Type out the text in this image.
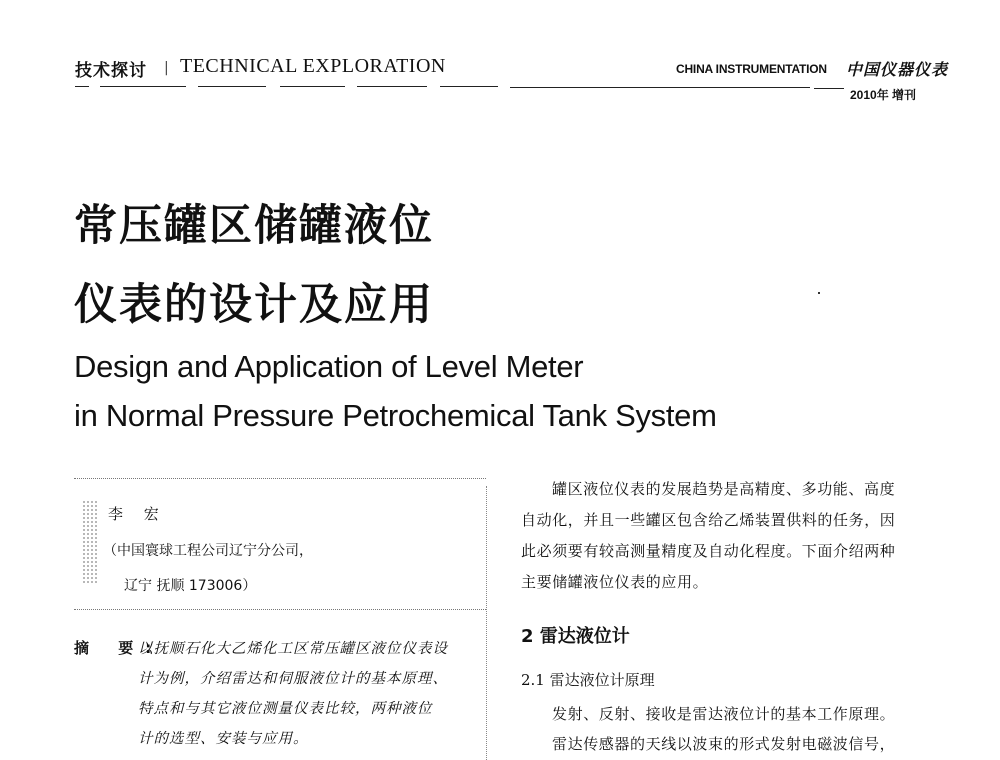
技术探讨 | TECHNICAL EXPLORATION	CHINA INSTRUMENTATION 中国仪器仪表
2010年 增刊
常压罐区储罐液位
仪表的设计及应用
Design and Application of Level Meter
in Normal Pressure Petrochemical Tank System
李 宏
（中国寰球工程公司辽宁分公司，
辽宁 抚顺 173006）
摘 要:
以抚顺石化大乙烯化工区常压罐区液位仪表设
计为例，介绍雷达和伺服液位计的基本原理、
特点和与其它液位测量仪表比较，两种液位
计的选型、安装与应用。
罐区液位仪表的发展趋势是高精度、多功能、高度
自动化，并且一些罐区包含给乙烯装置供料的任务，因
此必须要有较高测量精度及自动化程度。下面介绍两种
主要储罐液位仪表的应用。
2 雷达液位计
2.1 雷达液位计原理
发射、反射、接收是雷达液位计的基本工作原理。
雷达传感器的天线以波束的形式发射电磁波信号，
